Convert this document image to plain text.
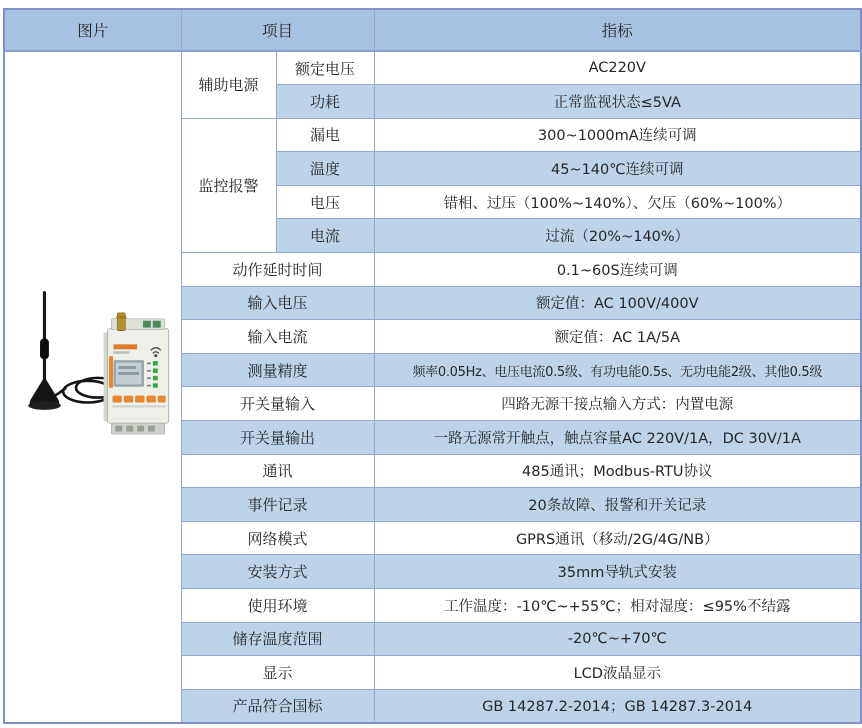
图片	项目		指标

	辅助电源	额定电压	AC220V
		功耗	正常监视状态≤5VA
	监控报警	漏电	300~1000mA连续可调
		温度	45~140℃连续可调
		电压	错相、过压（100%~140%）、欠压（60%~100%）
		电流	过流（20%~140%）
	动作延时时间		0.1~60S连续可调
	输入电压		额定值：AC 100V/400V
	输入电流		额定值：AC 1A/5A
	测量精度		频率0.05Hz、电压电流0.5级、有功电能0.5s、无功电能2级、其他0.5级
	开关量输入		四路无源干接点输入方式：内置电源
	开关量输出		一路无源常开触点，触点容量AC 220V/1A，DC 30V/1A
	通讯		485通讯；Modbus-RTU协议
	事件记录		20条故障、报警和开关记录
	网络模式		GPRS通讯（移动/2G/4G/NB）
	安装方式		35mm导轨式安装
	使用环境		工作温度：-10℃~+55℃；相对湿度：≤95%不结露
	储存温度范围		-20℃~+70℃
	显示		LCD液晶显示
	产品符合国标		GB 14287.2-2014；GB 14287.3-2014
